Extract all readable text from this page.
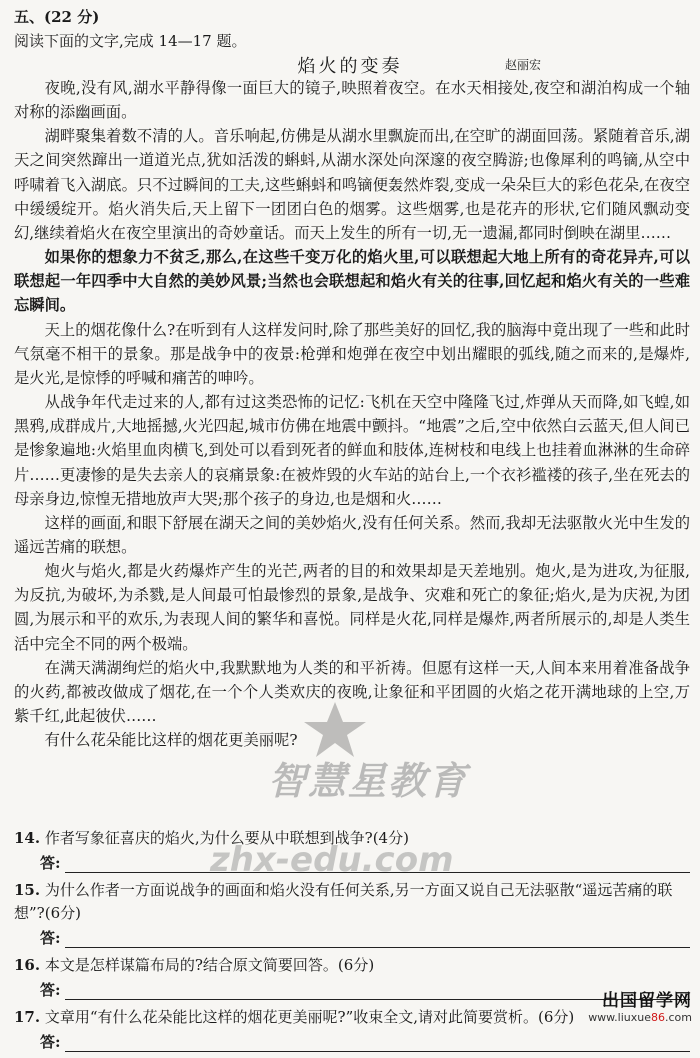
五、(22 分)
阅读下面的文字,完成 14—17 题。
焰火的变奏	赵丽宏

夜晚,没有风,湖水平静得像一面巨大的镜子,映照着夜空。在水天相接处,夜空和湖泊构成一个轴对称的添幽画面。

湖畔聚集着数不清的人。音乐响起,仿佛是从湖水里飘旋而出,在空旷的湖面回荡。紧随着音乐,湖天之间突然蹿出一道道光点,犹如活泼的蝌蚪,从湖水深处向深邃的夜空腾游;也像犀利的鸣镝,从空中呼啸着飞入湖底。只不过瞬间的工夫,这些蝌蚪和鸣镝便轰然炸裂,变成一朵朵巨大的彩色花朵,在夜空中缓缓绽开。焰火消失后,天上留下一团团白色的烟雾。这些烟雾,也是花卉的形状,它们随风飘动变幻,继续着焰火在夜空里演出的奇妙童话。而天上发生的所有一切,无一遗漏,都同时倒映在湖里……

如果你的想象力不贫乏,那么,在这些千变万化的焰火里,可以联想起大地上所有的奇花异卉,可以联想起一年四季中大自然的美妙风景;当然也会联想起和焰火有关的往事,回忆起和焰火有关的一些难忘瞬间。

天上的烟花像什么?在听到有人这样发问时,除了那些美好的回忆,我的脑海中竟出现了一些和此时气氛毫不相干的景象。那是战争中的夜景:枪弹和炮弹在夜空中划出耀眼的弧线,随之而来的,是爆炸,是火光,是惊悸的呼喊和痛苦的呻吟。

从战争年代走过来的人,都有过这类恐怖的记忆:飞机在天空中隆隆飞过,炸弹从天而降,如飞蝗,如黑鸦,成群成片,大地摇撼,火光四起,城市仿佛在地震中颤抖。“地震”之后,空中依然白云蓝天,但人间已是惨象遍地:火焰里血肉横飞,到处可以看到死者的鲜血和肢体,连树枝和电线上也挂着血淋淋的生命碎片……更凄惨的是失去亲人的哀痛景象:在被炸毁的火车站的站台上,一个衣衫褴褛的孩子,坐在死去的母亲身边,惊惶无措地放声大哭;那个孩子的身边,也是烟和火……

这样的画面,和眼下舒展在湖天之间的美妙焰火,没有任何关系。然而,我却无法驱散火光中生发的遥远苦痛的联想。

炮火与焰火,都是火药爆炸产生的光芒,两者的目的和效果却是天差地别。炮火,是为进攻,为征服,为反抗,为破坏,为杀戮,是人间最可怕最惨烈的景象,是战争、灾难和死亡的象征;焰火,是为庆祝,为团圆,为展示和平的欢乐,为表现人间的繁华和喜悦。同样是火花,同样是爆炸,两者所展示的,却是人类生活中完全不同的两个极端。

在满天满湖绚烂的焰火中,我默默地为人类的和平祈祷。但愿有这样一天,人间本来用着准备战争的火药,都被改做成了烟花,在一个个人类欢庆的夜晚,让象征和平团圆的火焰之花开满地球的上空,万紫千红,此起彼伏……

有什么花朵能比这样的烟花更美丽呢?

14. 作者写象征喜庆的焰火,为什么要从中联想到战争?(4分)
答:
15. 为什么作者一方面说战争的画面和焰火没有任何关系,另一方面又说自己无法驱散“遥远苦痛的联想”?(6分)
答:
16. 本文是怎样谋篇布局的?结合原文简要回答。(6分)
答:
17. 文章用“有什么花朵能比这样的烟花更美丽呢?”收束全文,请对此简要赏析。(6分)
答:
智慧星教育
zhx-edu.com
出国留学网
www.liuxue86.com
